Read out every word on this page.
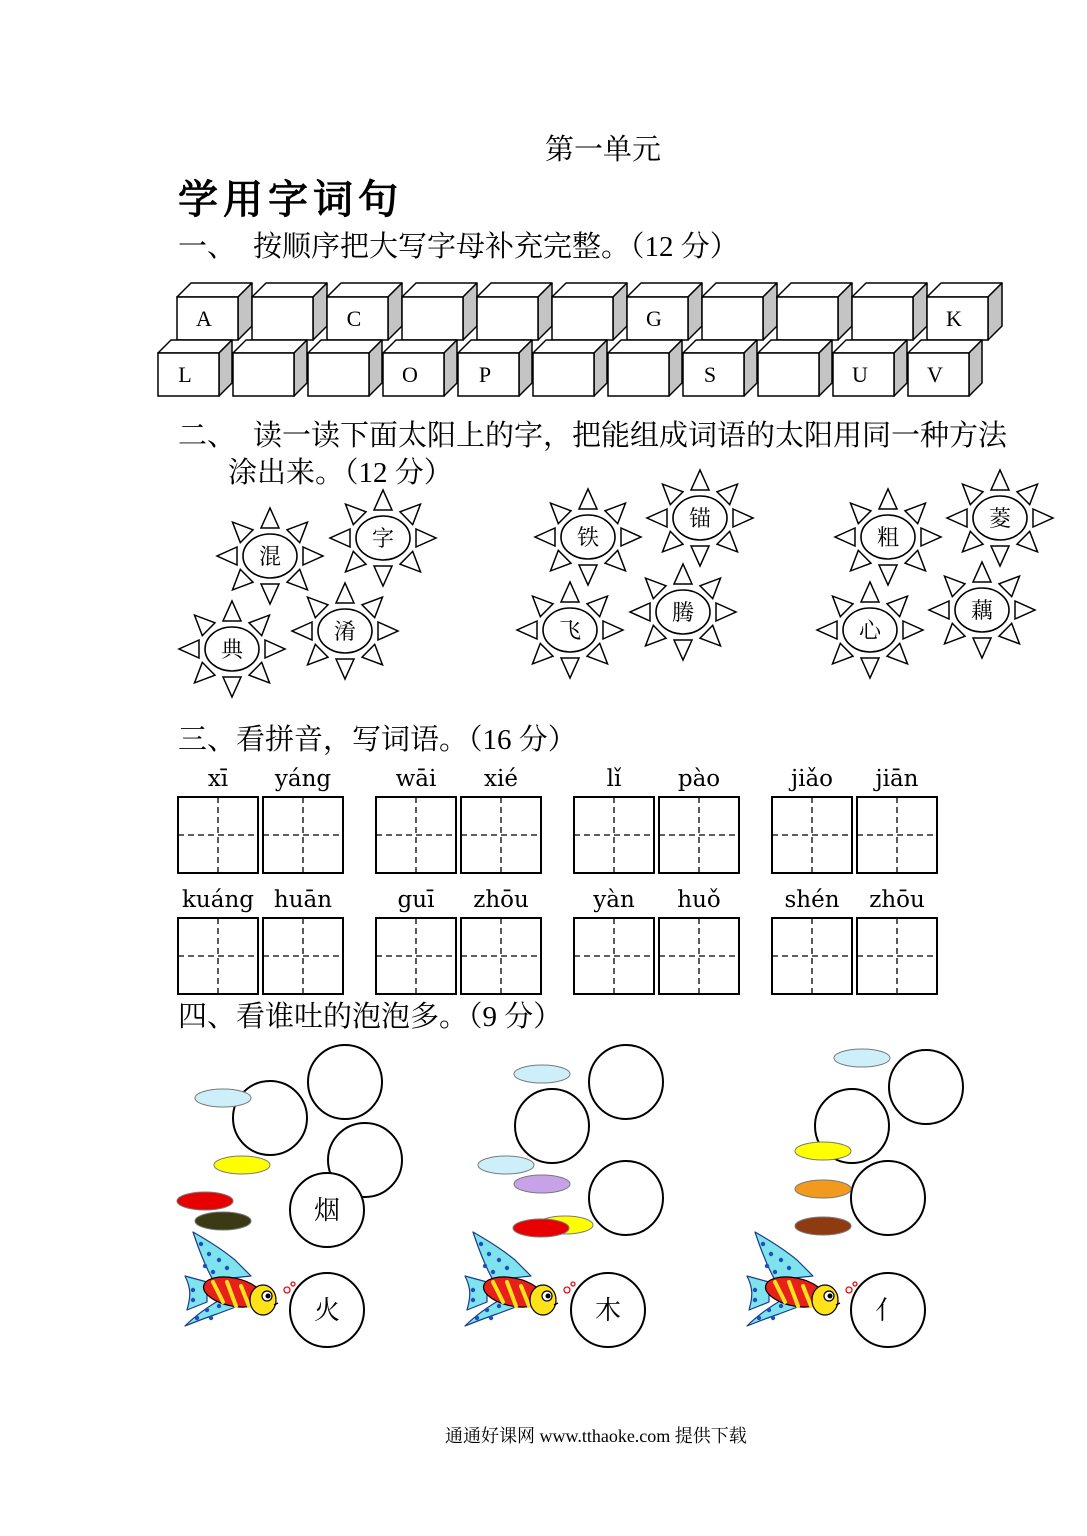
A	C	G	K
L	O	P	S	U	V
混
字
典
淆
铁
锚
飞
腾
粗
菱
心
藕
xī yáng	wāi xié	lǐ pào	jiǎo jiān
kuáng huān	guī zhōu	yàn huǒ	shén zhōu
烟
火	木	亻
第一单元
学用字词句
一、 按顺序把大写字母补充完整。（12 分）
二、 读一读下面太阳上的字，把能组成词语的太阳用同一种方法
涂出来。（12 分）
三、看拼音，写词语。（16 分）
四、看谁吐的泡泡多。（9 分）
通通好课网 www.tthaoke.com 提供下载
